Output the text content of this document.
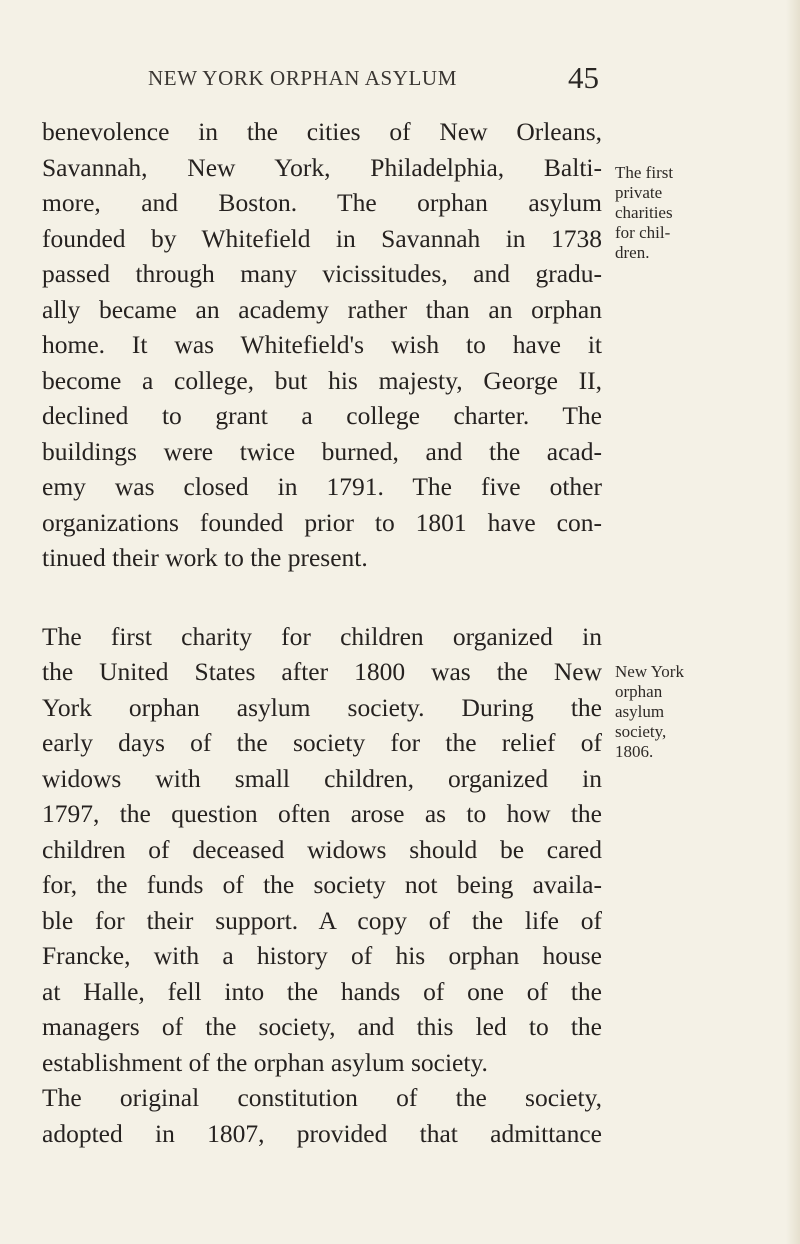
NEW YORK ORPHAN ASYLUM	45
benevolence in the cities of New Orleans,
Savannah, New York, Philadelphia, Balti-
more, and Boston. The orphan asylum
founded by Whitefield in Savannah in 1738
passed through many vicissitudes, and gradu-
ally became an academy rather than an orphan
home. It was Whitefield's wish to have it
become a college, but his majesty, George II,
declined to grant a college charter. The
buildings were twice burned, and the acad-
emy was closed in 1791. The five other
organizations founded prior to 1801 have con-
tinued their work to the present.
The first charity for children organized in
the United States after 1800 was the New
York orphan asylum society. During the
early days of the society for the relief of
widows with small children, organized in
1797, the question often arose as to how the
children of deceased widows should be cared
for, the funds of the society not being availa-
ble for their support. A copy of the life of
Francke, with a history of his orphan house
at Halle, fell into the hands of one of the
managers of the society, and this led to the
establishment of the orphan asylum society.
The original constitution of the society,
adopted in 1807, provided that admittance
The first
private
charities
for chil-
dren.
New York
orphan
asylum
society,
1806.
